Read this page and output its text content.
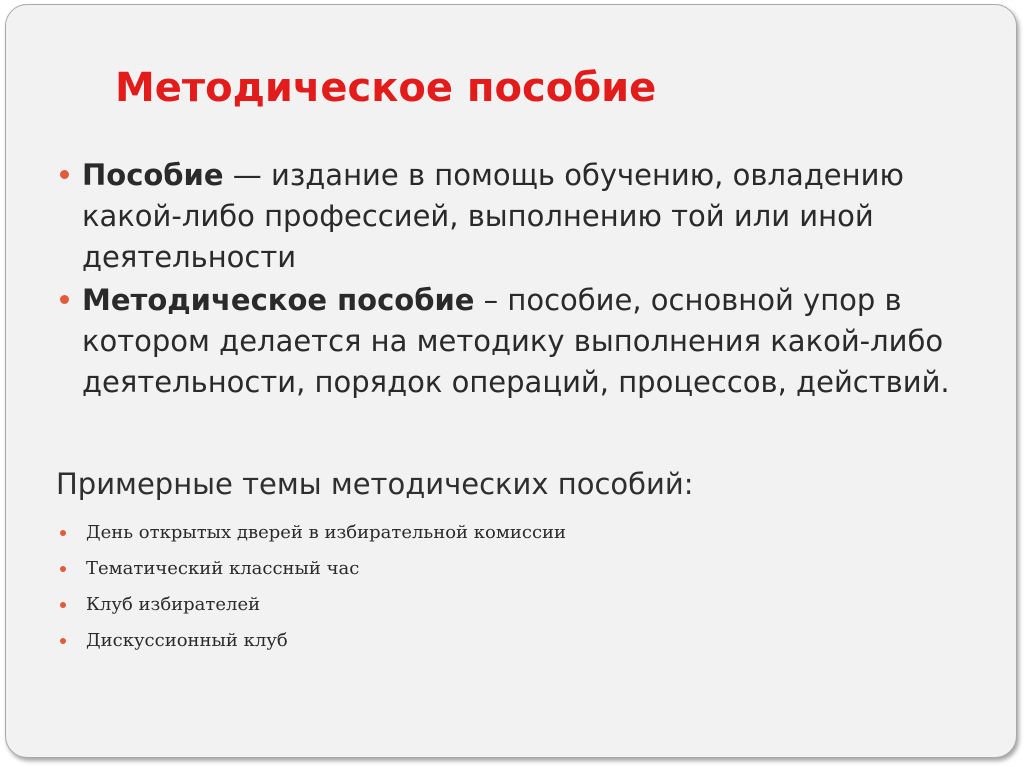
Методическое пособие
Пособие — издание в помощь обучению, овладению какой-либо профессией, выполнению той или иной деятельности
Методическое пособие – пособие, основной упор в котором делается на методику выполнения какой-либо деятельности, порядок операций, процессов, действий.
Примерные темы методических пособий:
День открытых дверей в избирательной комиссии
Тематический классный час
Клуб избирателей
Дискуссионный клуб
